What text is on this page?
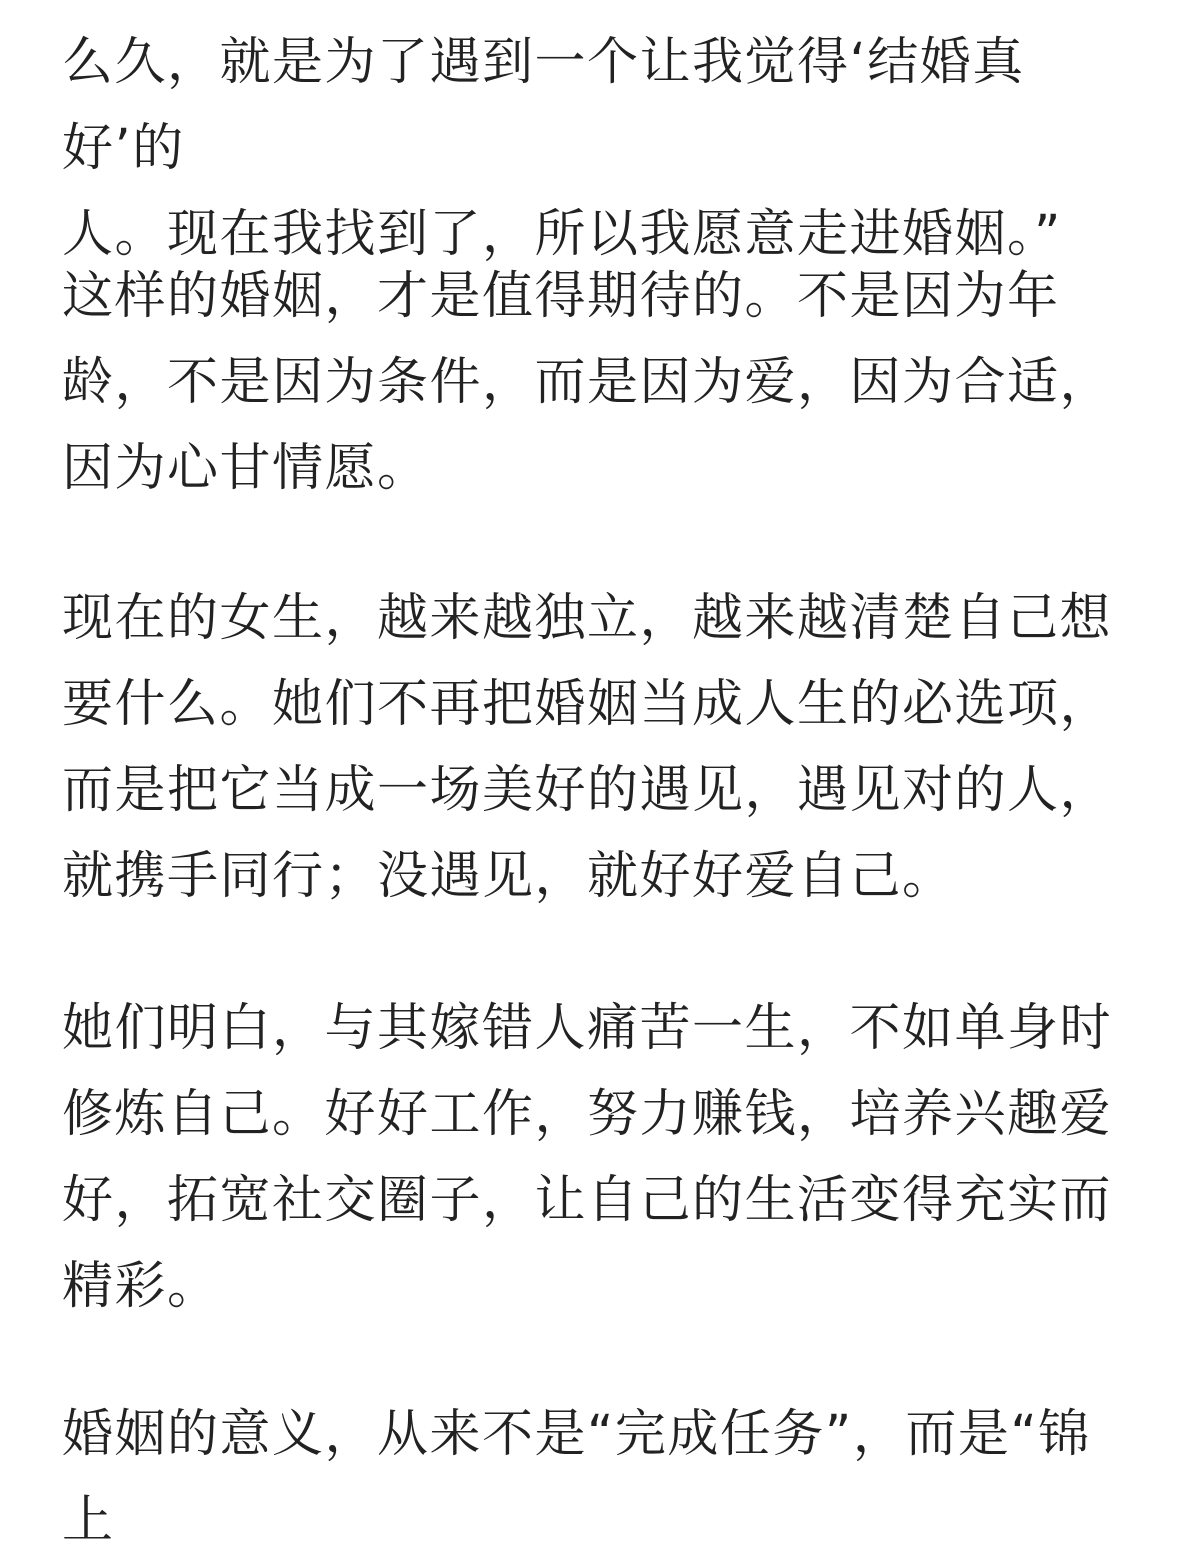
么久，就是为了遇到一个让我觉得‘结婚真好’的
人。现在我找到了，所以我愿意走进婚姻。”

这样的婚姻，才是值得期待的。不是因为年
龄，不是因为条件，而是因为爱，因为合适，
因为心甘情愿。

现在的女生，越来越独立，越来越清楚自己想
要什么。她们不再把婚姻当成人生的必选项，
而是把它当成一场美好的遇见，遇见对的人，
就携手同行；没遇见，就好好爱自己。

她们明白，与其嫁错人痛苦一生，不如单身时
修炼自己。好好工作，努力赚钱，培养兴趣爱
好，拓宽社交圈子，让自己的生活变得充实而
精彩。

婚姻的意义，从来不是“完成任务”，而是“锦上
